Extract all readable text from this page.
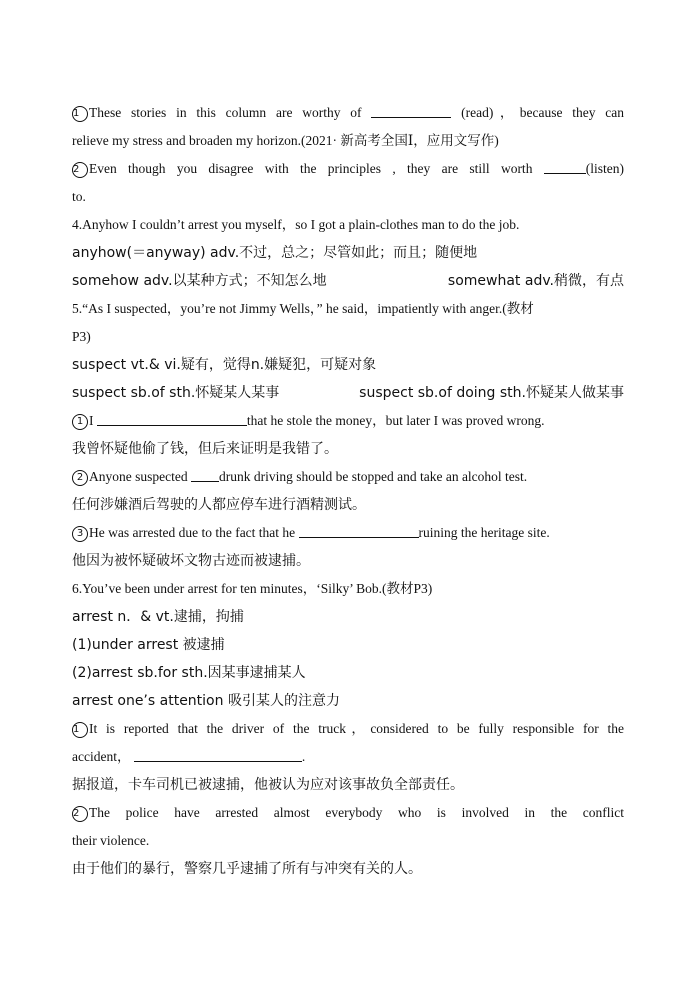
1 These stories in this column are worthy of	(read)，because they can
relieve my stress and broaden my horizon.(2021· 新高考全国Ⅰ，应用文写作)
2 Even though you disagree with the principles , they are still worth	(listen)
to.
4.Anyhow I couldn’t arrest you myself，so I got a plain-clothes man to do the job.
anyhow(＝anyway) adv.不过，总之；尽管如此；而且；随便地
somehow adv.以某种方式；不知怎么地	somewhat adv.稍微，有点
5.“As I suspected，you’re not Jimmy Wells，” he said，impatiently with anger.(教材
P3)
suspect vt.& vi.疑有，觉得n.嫌疑犯，可疑对象
suspect sb.of sth.怀疑某人某事	suspect sb.of doing sth.怀疑某人做某事
1 I	that he stole the money，but later I was proved wrong.
我曾怀疑他偷了钱，但后来证明是我错了。
2 Anyone suspected drunk driving should be stopped and take an alcohol test.
任何涉嫌酒后驾驶的人都应停车进行酒精测试。
3 He was arrested due to the fact that he	ruining the heritage site.
他因为被怀疑破坏文物古迹而被逮捕。
6.You’ve been under arrest for ten minutes，‘Silky’ Bob.(教材P3)
arrest n．& vt.逮捕，拘捕
(1)under arrest 被逮捕
(2)arrest sb.for sth.因某事逮捕某人
arrest one’s attention 吸引某人的注意力
1 It is reported that the driver of the truck，considered to be fully responsible for the
accident，	.
据报道，卡车司机已被逮捕，他被认为应对该事故负全部责任。
2 The police have arrested almost everybody who is involved in the conflict
their violence.
由于他们的暴行，警察几乎逮捕了所有与冲突有关的人。
